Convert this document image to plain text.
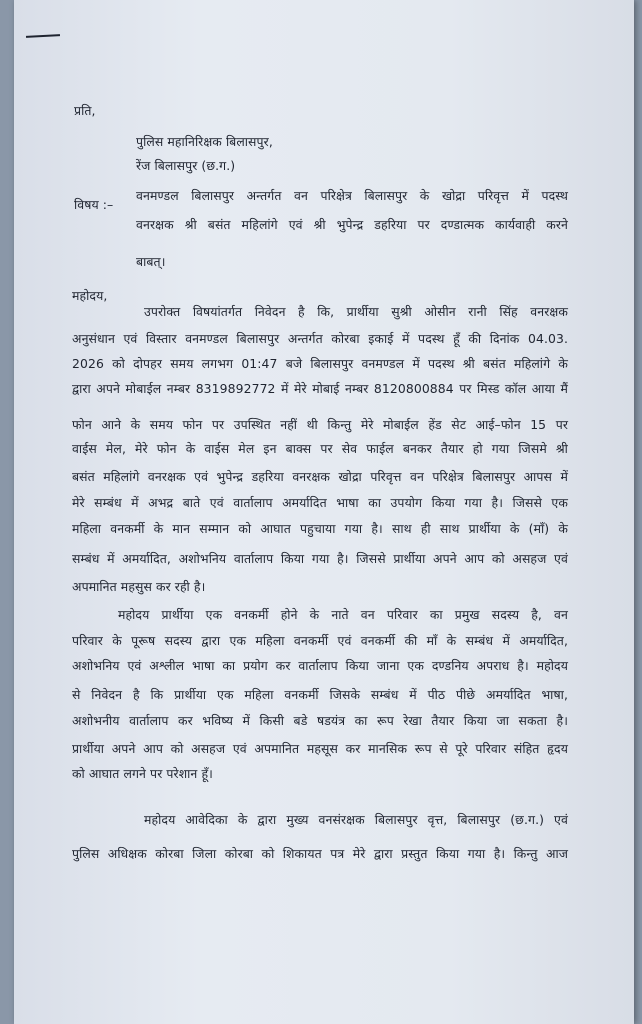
प्रति,
पुलिस महानिरिक्षक बिलासपुर,
रेंज बिलासपुर (छ.ग.)
विषय :–
वनमण्डल बिलासपुर अन्तर्गत वन परिक्षेत्र बिलासपुर के खोद्रा परिवृत्त में पदस्थ
वनरक्षक श्री बसंत महिलांगे एवं श्री भुपेन्द्र डहरिया पर दण्डात्मक कार्यवाही करने
बाबत्।
महोदय,
उपरोक्त विषयांतर्गत निवेदन है कि, प्रार्थीया सुश्री ओसीन रानी सिंह वनरक्षक
अनुसंधान एवं विस्तार वनमण्डल बिलासपुर अन्तर्गत कोरबा इकाई में पदस्थ हूँ की दिनांक 04.03.
2026 को दोपहर समय लगभग 01:47 बजे बिलासपुर वनमण्डल में पदस्थ श्री बसंत महिलांगे के
द्वारा अपने मोबाईल नम्बर 8319892772 में मेरे मोबाई नम्बर 8120800884 पर मिस्ड कॉल आया मैं
फोन आने के समय फोन पर उपस्थित नहीं थी किन्तु मेरे मोबाईल हेंड सेट आई–फोन 15 पर
वाईस मेल, मेरे फोन के वाईस मेल इन बाक्स पर सेव फाईल बनकर तैयार हो गया जिसमे श्री
बसंत महिलांगे वनरक्षक एवं भुपेन्द्र डहरिया वनरक्षक खोद्रा परिवृत्त वन परिक्षेत्र बिलासपुर आपस में
मेरे सम्बंध में अभद्र बाते एवं वार्तालाप अमर्यादित भाषा का उपयोग किया गया है। जिससे एक
महिला वनकर्मी के मान सम्मान को आघात पहुचाया गया है। साथ ही साथ प्रार्थीया के (माँ) के
सम्बंध में अमर्यादित, अशोभनिय वार्तालाप किया गया है। जिससे प्रार्थीया अपने आप को असहज एवं
अपमानित महसुस कर रही है।
महोदय प्रार्थीया एक वनकर्मी होने के नाते वन परिवार का प्रमुख सदस्य है, वन
परिवार के पूरूष सदस्य द्वारा एक महिला वनकर्मी एवं वनकर्मी की माँ के सम्बंध में अमर्यादित,
अशोभनिय एवं अश्लील भाषा का प्रयोग कर वार्तालाप किया जाना एक दण्डनिय अपराध है। महोदय
से निवेदन है कि प्रार्थीया एक महिला वनकर्मी जिसके सम्बंध में पीठ पीछे अमर्यादित भाषा,
अशोभनीय वार्तालाप कर भविष्य में किसी बडे षडयंत्र का रूप रेखा तैयार किया जा सकता है।
प्रार्थीया अपने आप को असहज एवं अपमानित महसूस कर मानसिक रूप से पूरे परिवार संहित हृदय
को आघात लगने पर परेशान हूँ।
महोदय आवेदिका के द्वारा मुख्य वनसंरक्षक बिलासपुर वृत्त, बिलासपुर (छ.ग.) एवं
पुलिस अधिक्षक कोरबा जिला कोरबा को शिकायत पत्र मेरे द्वारा प्रस्तुत किया गया है। किन्तु आज
